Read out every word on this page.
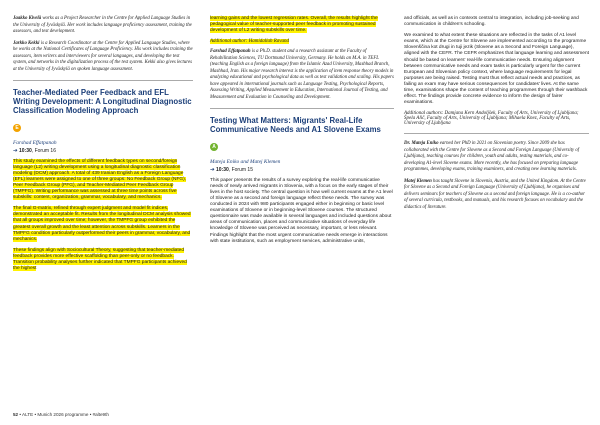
Jaakko Kivelä works as a Project Researcher in the Centre for Applied Language Studies in the University of Jyväskylä. Her work includes language proficiency assessment, training the assessors, and test development.

Jarkko Kekki is a Research Coordinator at the Centre for Applied Language Studies, where he works at the National Certificates of Language Proficiency. His work includes training the assessors, item writers and interviewers for several languages, and developing the test system, and networks in the digitalization process of the test system. Kekki also gives lectures at the University of Jyväskylä on spoken language assessment.

Teacher-Mediated Peer Feedback and EFL Writing Development: A Longitudinal Diagnostic Classification Modeling Approach
E
Farshad Effatpanah
➔ 10:30, Forum 16

This study examined the effects of different feedback types on second/foreign language (L2) writing development using a longitudinal diagnostic classification modeling (DCM) approach. A total of 439 Iranian English as a Foreign Language (EFL) learners were assigned to one of three groups: No Feedback Group (NFG), Peer Feedback Group (PFG), and Teacher-Mediated Peer Feedback Group (TMPFG). Writing performance was assessed at three time points across five subskills: content, organization, grammar, vocabulary, and mechanics.

The final G-matrix, refined through expert judgment and model fit indices, demonstrated an acceptable fit. Results from the longitudinal DCM analysis showed that all groups improved over time; however, the TMPFG group exhibited the greatest overall growth and the least attention across subskills. Learners in the TMPFG condition particularly outperformed their peers in grammar, vocabulary, and mechanics.

These findings align with Sociocultural Theory, suggesting that teacher-mediated feedback provides more effective scaffolding than peer-only or no feedback. Transition probability analyses further indicated that TMPFG participants achieved the highest

learning gains and the lowest regression rates. Overall, the results highlight the pedagogical value of teacher-supported peer feedback in promoting sustained development of L2 writing subskills over time.

Additional author: Hamidallah Ravand

Farshad Effatpanah is a Ph.D. student and a research assistant at the Faculty of Rehabilitation Sciences, TU Dortmund University, Germany. He holds an M.A. in TEFL (teaching English as a foreign language) from the Islamic Azad University, Mashhad Branch, Mashhad, Iran. His major research interest is the application of item response theory models in analyzing educational and psychological data as well as test validation and scaling. His papers have appeared in international journals such as Language Testing, Psychological Reports, Assessing Writing, Applied Measurement in Education, International Journal of Testing, and Measurement and Evaluation in Counseling and Development.

Testing What Matters: Migrants' Real-Life Communicative Needs and A1 Slovene Exams
A
Mateja Eniko and Matej Klemen
➔ 10:30, Forum 15

This paper presents the results of a survey exploring the real-life communicative needs of newly arrived migrants in Slovenia, with a focus on the early stages of their lives in the host society. The central question is how well current exams at the A1 level of Slovene as a second and foreign language reflect these needs. The survey was conducted in 2024 with 980 participants engaged either in beginning or basic level examinations of Slovene or in beginning-level Slovene courses. The structured questionnaire was made available in several languages and included questions about areas of communication, places and communicative situations of everyday life knowledge of Slovene was perceived as necessary, important, or less relevant. Findings highlight that the most urgent communicative needs emerge in interactions with state institutions, such as employment services, administrative units,

and officials, as well as in contexts central to integration, including job-seeking and communication in children's schooling.

We examined to what extent these situations are reflected in the tasks of A1 level exams, which at the Centre for Slovene are implemented according to the programme Slovenščina kot drugi in tuji jezik (Slovene as a Second and Foreign Language), aligned with the CEFR. The CEFR emphasizes that language learning and assessment should be based on learners' real-life communicative needs. Ensuring alignment between communicative needs and exam tasks is particularly urgent for the current European and Slovenian policy context, where language requirements for legal purposes are being raised. Testing must thus reflect actual needs and practices, as failing an exam may have serious consequences for candidates' lives. At the same time, examinations shape the content of teaching programmes through their washback effect. The findings provide concrete evidence to inform the design of fairer examinations.

Additional authors: Damjana Kern Andoljšek, Faculty of Arts, University of Ljubljana; Špela Alič, Faculty of Arts, University of Ljubljana; Mihaela Knez, Faculty of Arts, University of Ljubljana

Dr. Mateja Eniko earned her PhD in 2021 on Slovenian poetry. Since 2009 she has collaborated with the Centre for Slovene as a Second and Foreign Language (University of Ljubljana), teaching courses for children, youth and adults, testing materials, and co-developing A1-level Slovene exams. More recently, she has focused on preparing language programmes, developing exams, training examiners, and creating new learning materials.

Matej Klemen has taught Slovene in Slovenia, Austria, and the United Kingdom. At the Centre for Slovene as a Second and Foreign Language (University of Ljubljana), he organises and delivers seminars for teachers of Slovene as a second and foreign language. He is a co-author of several curricula, textbooks, and manuals, and his research focuses on vocabulary and the didactics of literature.

52 • ALTE • Munich 2026 programme • #alte9th
